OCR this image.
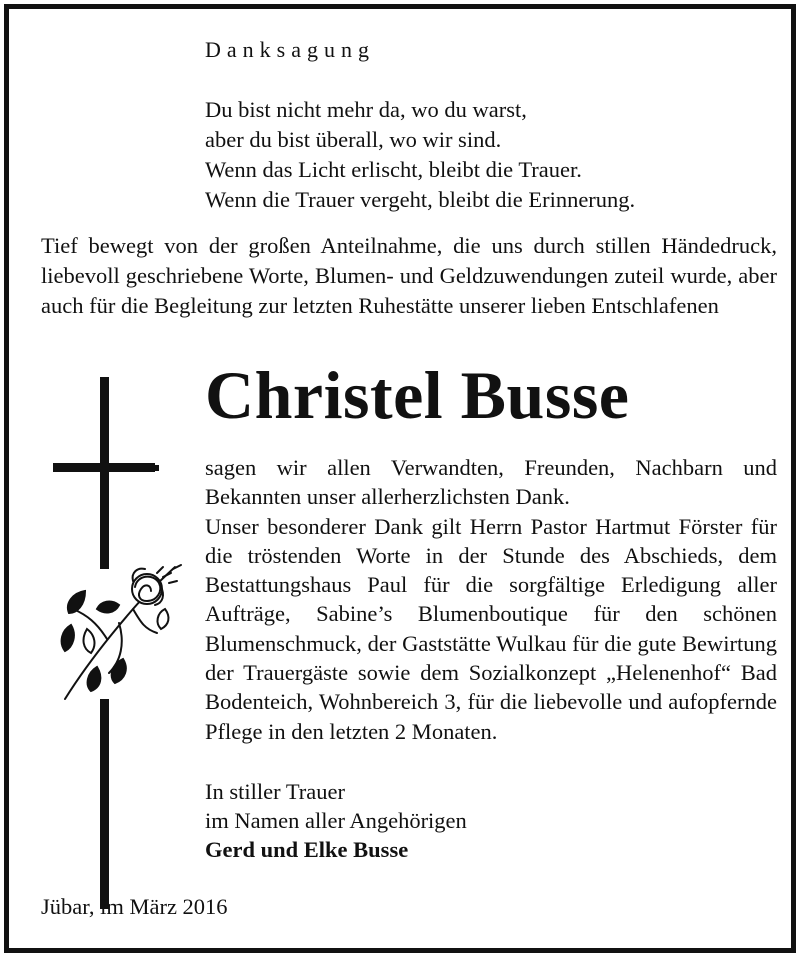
Danksagung
Du bist nicht mehr da, wo du warst,
aber du bist überall, wo wir sind.
Wenn das Licht erlischt, bleibt die Trauer.
Wenn die Trauer vergeht, bleibt die Erinnerung.
Tief bewegt von der großen Anteilnahme, die uns durch stillen Händedruck, liebevoll geschriebene Worte, Blumen- und Geldzuwendungen zuteil wurde, aber auch für die Begleitung zur letzten Ruhestätte unserer lieben Entschlafenen
Christel Busse

sagen wir allen Verwandten, Freunden, Nachbarn und Bekannten unser allerherzlichsten Dank.

Unser besonderer Dank gilt Herrn Pastor Hartmut Förster für die tröstenden Worte in der Stunde des Abschieds, dem Bestattungshaus Paul für die sorgfältige Erledigung aller Aufträge, Sabine’s Blumenboutique für den schönen Blumenschmuck, der Gaststätte Wulkau für die gute Bewirtung der Trauergäste sowie dem Sozialkonzept „Helenenhof“ Bad Bodenteich, Wohnbereich 3, für die liebevolle und aufopfernde Pflege in den letzten 2 Monaten.

In stiller Trauer
im Namen aller Angehörigen
Gerd und Elke Busse
Jübar, im März 2016
